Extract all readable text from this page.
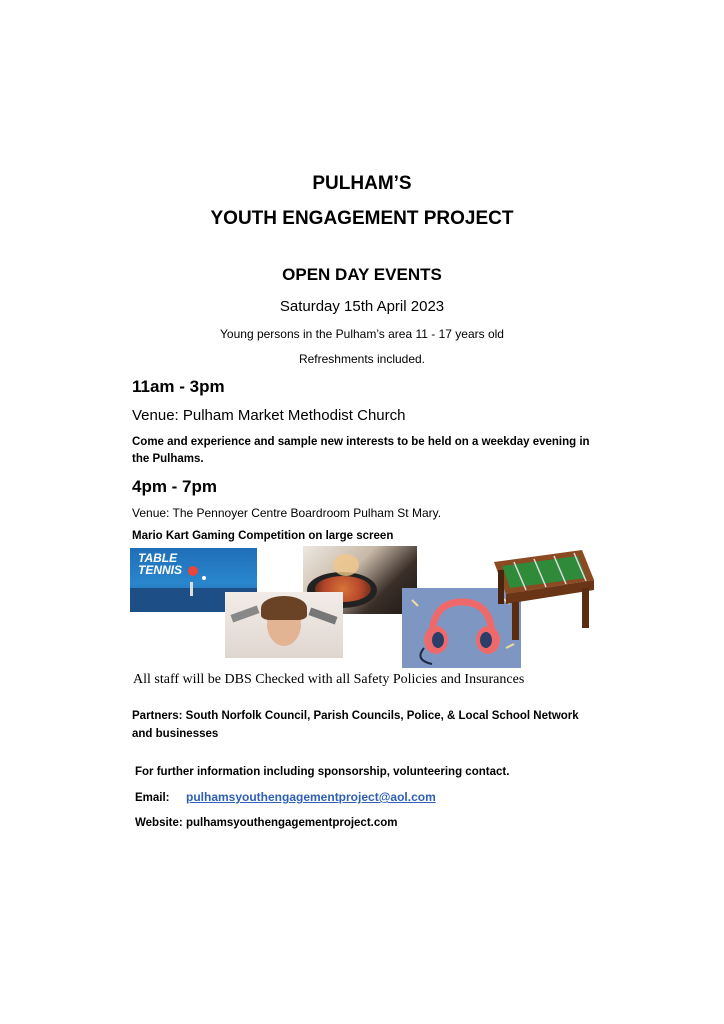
PULHAM’S
YOUTH ENGAGEMENT PROJECT
OPEN DAY EVENTS
Saturday 15th April 2023
Young persons in the Pulham’s area 11 - 17 years old
Refreshments included.
11am - 3pm
Venue: Pulham Market Methodist Church
Come and experience and sample new interests to be held on a weekday evening in the Pulhams.
4pm - 7pm
Venue: The Pennoyer Centre Boardroom Pulham St Mary.
Mario Kart Gaming Competition on large screen
TABLE
TENNIS
All staff will be DBS Checked with all Safety Policies and Insurances
Partners: South Norfolk Council, Parish Councils, Police, & Local School Network and businesses
For further information including sponsorship, volunteering contact.
Email: pulhamsyouthengagementproject@aol.com
Website: pulhamsyouthengagementproject.com
